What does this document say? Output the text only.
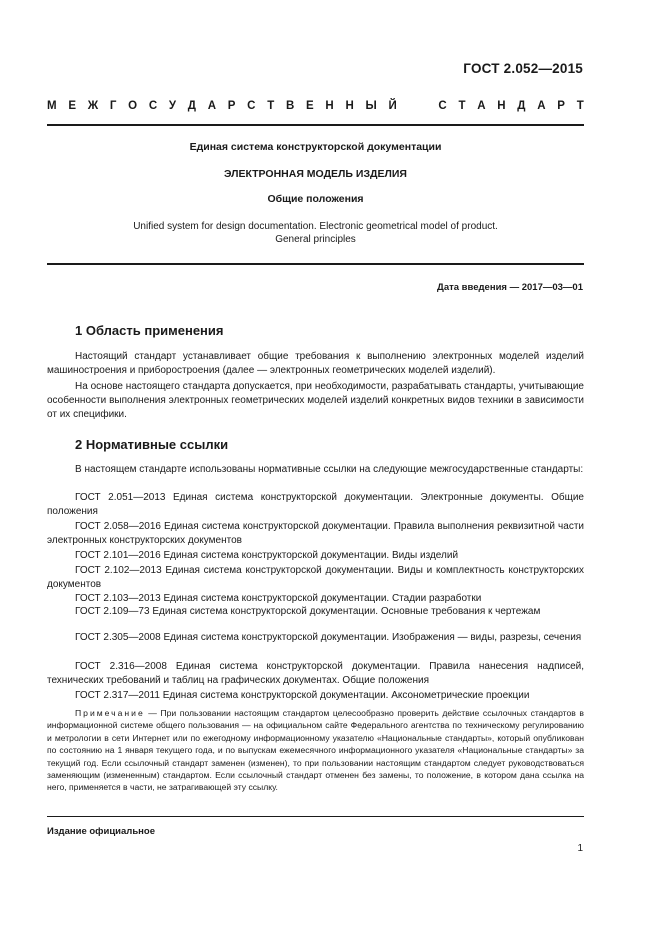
ГОСТ 2.052—2015
М Е Ж Г О С У Д А Р С Т В Е Н Н Ы Й

	С Т А Н Д А Р Т
Единая система конструкторской документации
ЭЛЕКТРОННАЯ МОДЕЛЬ ИЗДЕЛИЯ
Общие положения
Unified system for design documentation. Electronic geometrical model of product.
General principles
Дата введения — 2017—03—01
1 Область применения
Настоящий стандарт устанавливает общие требования к выполнению электронных моделей изделий машиностроения и приборостроения (далее — электронных геометрических моделей изделий).
На основе настоящего стандарта допускается, при необходимости, разрабатывать стандарты, учитывающие особенности выполнения электронных геометрических моделей изделий конкретных видов техники в зависимости от их специфики.
2 Нормативные ссылки
В настоящем стандарте использованы нормативные ссылки на следующие межгосударственные стандарты:
ГОСТ 2.051—2013 Единая система конструкторской документации. Электронные документы. Общие положения
ГОСТ 2.058—2016 Единая система конструкторской документации. Правила выполнения реквизитной части электронных конструкторских документов
ГОСТ 2.101—2016 Единая система конструкторской документации. Виды изделий
ГОСТ 2.102—2013 Единая система конструкторской документации. Виды и комплектность конструкторских документов
ГОСТ 2.103—2013 Единая система конструкторской документации. Стадии разработки
ГОСТ 2.109—73 Единая система конструкторской документации. Основные требования к чертежам
ГОСТ 2.305—2008 Единая система конструкторской документации. Изображения — виды, разрезы, сечения
ГОСТ 2.316—2008 Единая система конструкторской документации. Правила нанесения надписей, технических требований и таблиц на графических документах. Общие положения
ГОСТ 2.317—2011 Единая система конструкторской документации. Аксонометрические проекции
Примечание — При пользовании настоящим стандартом целесообразно проверить действие ссылочных стандартов в информационной системе общего пользования — на официальном сайте Федерального агентства по техническому регулированию и метрологии в сети Интернет или по ежегодному информационному указателю «Национальные стандарты», который опубликован по состоянию на 1 января текущего года, и по выпускам ежемесячного информационного указателя «Национальные стандарты» за текущий год. Если ссылочный стандарт заменен (изменен), то при пользовании настоящим стандартом следует руководствоваться заменяющим (измененным) стандартом. Если ссылочный стандарт отменен без замены, то положение, в котором дана ссылка на него, применяется в части, не затрагивающей эту ссылку.
Издание официальное
1
